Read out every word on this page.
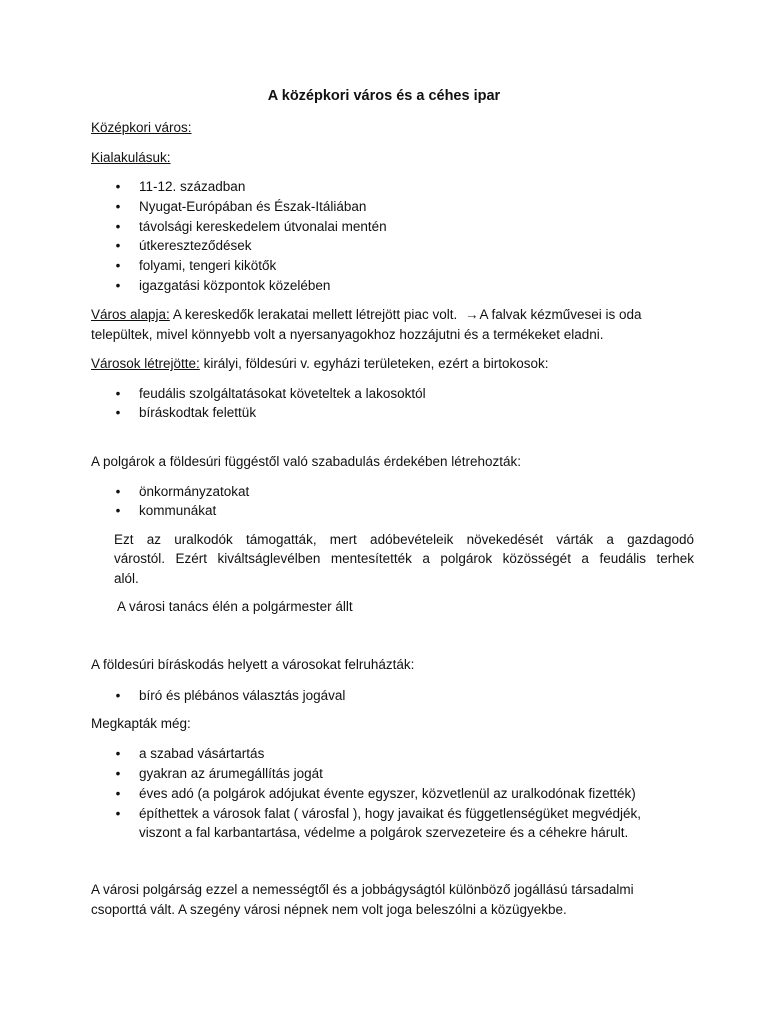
A középkori város és a céhes ipar
Középkori város:
Kialakulásuk:
• 11-12. században
• Nyugat-Európában és Észak-Itáliában
• távolsági kereskedelem útvonalai mentén
• útkereszteződések
• folyami, tengeri kikötők
• igazgatási központok közelében
Város alapja: A kereskedők lerakatai mellett létrejött piac volt. →A falvak kézművesei is oda
települtek, mivel könnyebb volt a nyersanyagokhoz hozzájutni és a termékeket eladni.
Városok létrejötte: királyi, földesúri v. egyházi területeken, ezért a birtokosok:
• feudális szolgáltatásokat követeltek a lakosoktól
• bíráskodtak felettük
A polgárok a földesúri függéstől való szabadulás érdekében létrehozták:
• önkormányzatokat
• kommunákat
Ezt az uralkodók támogatták, mert adóbevételeik növekedését várták a gazdagodó
várostól. Ezért kiváltságlevélben mentesítették a polgárok közösségét a feudális terhek
alól.
A városi tanács élén a polgármester állt
A földesúri bíráskodás helyett a városokat felruházták:
• bíró és plébános választás jogával
Megkapták még:
• a szabad vásártartás
• gyakran az árumegállítás jogát
• éves adó (a polgárok adójukat évente egyszer, közvetlenül az uralkodónak fizették)
• építhettek a városok falat ( városfal ), hogy javaikat és függetlenségüket megvédjék,
viszont a fal karbantartása, védelme a polgárok szervezeteire és a céhekre hárult.
A városi polgárság ezzel a nemességtől és a jobbágyságtól különböző jogállású társadalmi
csoporttá vált. A szegény városi népnek nem volt joga beleszólni a közügyekbe.
